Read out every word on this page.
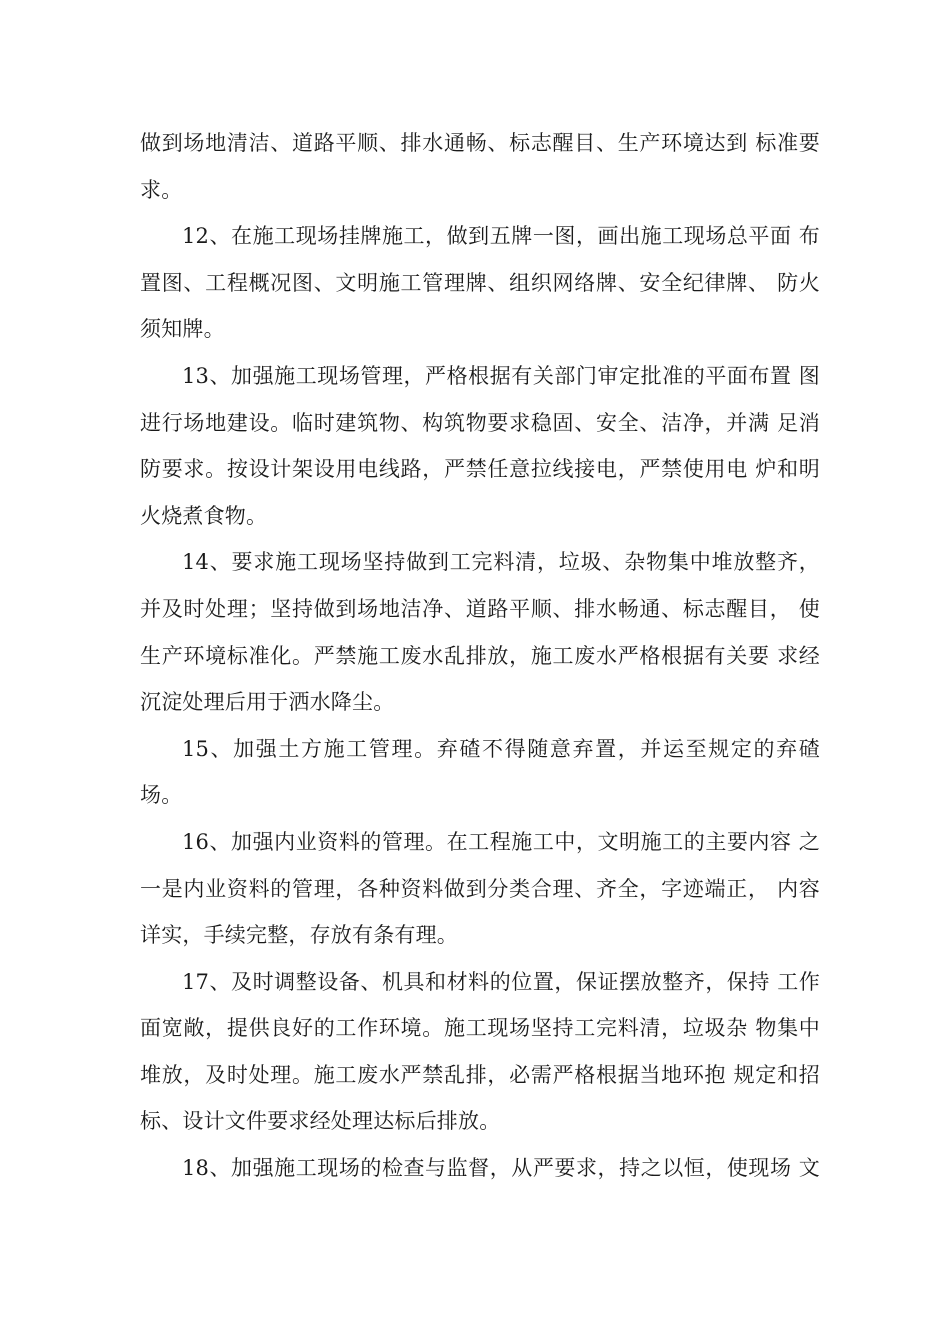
做到场地清洁、道路平顺、排水通畅、标志醒目、生产环境达到 标准要
求。
12、在施工现场挂牌施工，做到五牌一图，画出施工现场总平面 布
置图、工程概况图、文明施工管理牌、组织网络牌、安全纪律牌、 防火
须知牌。
13、加强施工现场管理，严格根据有关部门审定批准的平面布置 图
进行场地建设。临时建筑物、构筑物要求稳固、安全、洁净，并满 足消
防要求。按设计架设用电线路，严禁任意拉线接电，严禁使用电 炉和明
火烧煮食物。
14、要求施工现场坚持做到工完料清，垃圾、杂物集中堆放整齐，
并及时处理；坚持做到场地洁净、道路平顺、排水畅通、标志醒目， 使
生产环境标准化。严禁施工废水乱排放，施工废水严格根据有关要 求经
沉淀处理后用于洒水降尘。
15、加强土方施工管理。弃碴不得随意弃置，并运至规定的弃碴
场。
16、加强内业资料的管理。在工程施工中，文明施工的主要内容 之
一是内业资料的管理，各种资料做到分类合理、齐全，字迹端正， 内容
详实，手续完整，存放有条有理。
17、及时调整设备、机具和材料的位置，保证摆放整齐，保持 工作
面宽敞，提供良好的工作环境。施工现场坚持工完料清，垃圾杂 物集中
堆放，及时处理。施工废水严禁乱排，必需严格根据当地环抱 规定和招
标、设计文件要求经处理达标后排放。
18、加强施工现场的检查与监督，从严要求，持之以恒，使现场 文
